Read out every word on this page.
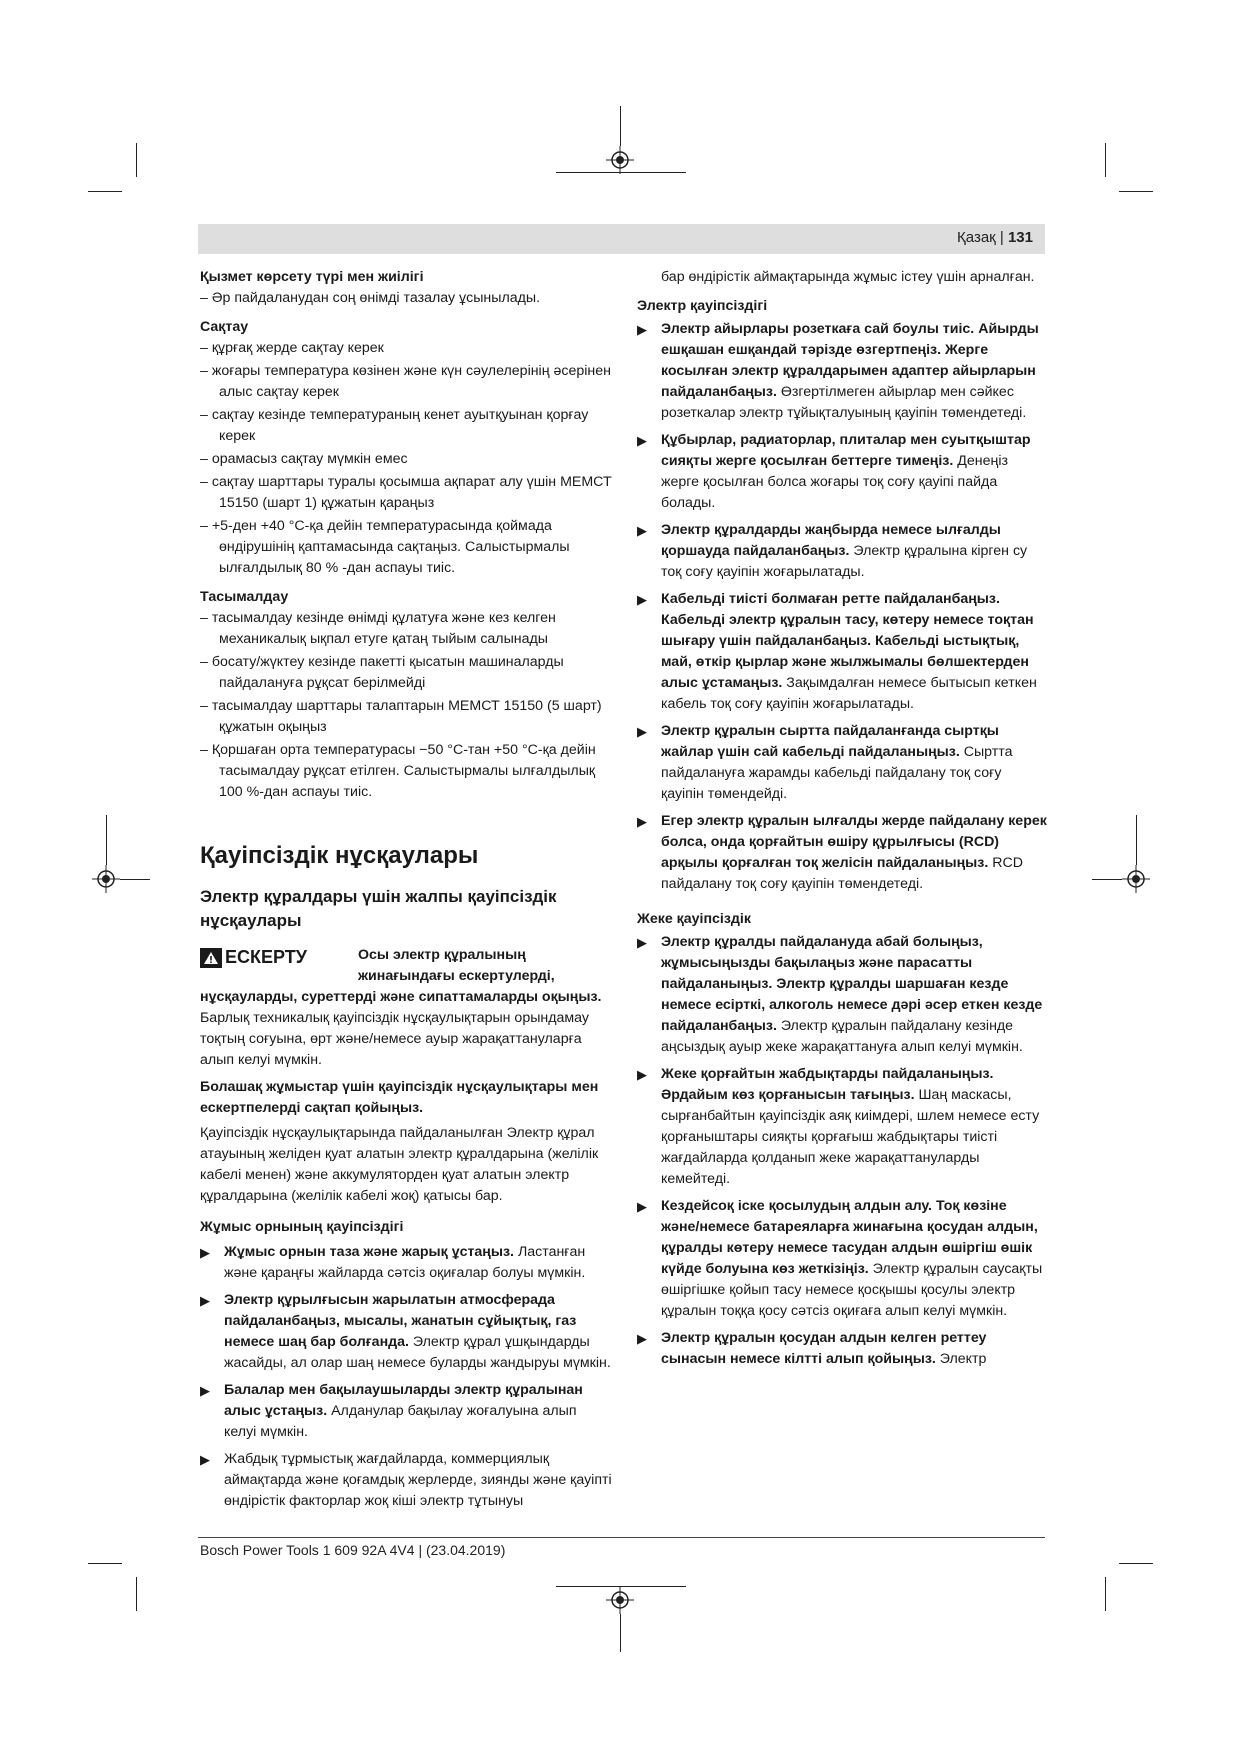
Қазақ | 131

Қызмет көрсету түрі мен жиілігі

– Әр пайдаланудан соң өнімді тазалау ұсынылады.

Сақтау

– құрғақ жерде сақтау керек

– жоғары температура көзінен және күн сәулелерінің әсерінен алыс сақтау керек

– сақтау кезінде температураның кенет ауытқуынан қорғау керек

– орамасыз сақтау мүмкін емес

– сақтау шарттары туралы қосымша ақпарат алу үшін МЕМСТ 15150 (шарт 1) құжатын қараңыз

– +5-ден +40 °С-қа дейін температурасында қоймада өндірушінің қаптамасында сақтаңыз. Салыстырмалы ылғалдылық 80 % -дан аспауы тиіс.

Тасымалдау

– тасымалдау кезінде өнімді құлатуға және кез келген механикалық ықпал етуге қатаң тыйым салынады

– босату/жүктеу кезінде пакетті қысатын машиналарды пайдалануға рұқсат берілмейді

– тасымалдау шарттары талаптарын МЕМСТ 15150 (5 шарт) құжатын оқыңыз

– Қоршаған орта температурасы −50 °С-тан +50 °С-қа дейін тасымалдау рұқсат етілген. Салыстырмалы ылғалдылық 100 %-дан аспауы тиіс.

Қауіпсіздік нұсқаулары
Электр құралдары үшін жалпы қауіпсіздік нұсқаулары
ЕСКЕРТУ	Осы электр құралының жинағындағы ескертулерді,

нұсқауларды, суреттерді және сипаттамаларды оқыңыз. Барлық техникалық қауіпсіздік нұсқаулықтарын орындамау тоқтың соғуына, өрт және/немесе ауыр жарақаттануларға алып келуі мүмкін.

Болашақ жұмыстар үшін қауіпсіздік нұсқаулықтары мен ескертпелерді сақтап қойыңыз.

Қауіпсіздік нұсқаулықтарында пайдаланылған Электр құрал атауының желіден қуат алатын электр құралдарына (желілік кабелі менен) және аккумуляторден қуат алатын электр құралдарына (желілік кабелі жоқ) қатысы бар.

Жұмыс орнының қауіпсіздігі

▶ Жұмыс орнын таза және жарық ұстаңыз. Ластанған және қараңғы жайларда сәтсіз оқиғалар болуы мүмкін.

▶ Электр құрылғысын жарылатын атмосферада пайдаланбаңыз, мысалы, жанатын сұйықтық, газ немесе шаң бар болғанда. Электр құрал ұшқындарды жасайды, ал олар шаң немесе буларды жандыруы мүмкін.

▶ Балалар мен бақылаушыларды электр құралынан алыс ұстаңыз. Алданулар бақылау жоғалуына алып келуі мүмкін.

▶ Жабдық тұрмыстық жағдайларда, коммерциялық аймақтарда және қоғамдық жерлерде, зиянды және қауіпті өндірістік факторлар жоқ кіші электр тұтынуы

бар өндірістік аймақтарында жұмыс істеу үшін арналған.

Электр қауіпсіздігі

▶ Электр айырлары розеткаға сай боулы тиіс. Айырды ешқашан ешқандай тәрізде өзгертпеңіз. Жерге косылған электр құралдарымен адаптер айырларын пайдаланбаңыз. Өзгертілмеген айырлар мен сәйкес розеткалар электр тұйықталуының қауіпін төмендетеді.

▶ Құбырлар, радиаторлар, плиталар мен суытқыштар сияқты жерге қосылған беттерге тимеңіз. Денеңіз жерге қосылған болса жоғары тоқ соғу қауіпі пайда болады.

▶ Электр құралдарды жаңбырда немесе ылғалды қоршауда пайдаланбаңыз. Электр құралына кірген су тоқ соғу қауіпін жоғарылатады.

▶ Кабельді тиісті болмаған ретте пайдаланбаңыз. Кабельді электр құралын тасу, көтеру немесе тоқтан шығару үшін пайдаланбаңыз. Кабельді ыстықтық, май, өткір қырлар және жылжымалы бөлшектерден алыс ұстамаңыз. Зақымдалған немесе бытысып кеткен кабель тоқ соғу қауіпін жоғарылатады.

▶ Электр құралын сыртта пайдаланғанда сыртқы жайлар үшін сай кабельді пайдаланыңыз. Сыртта пайдалануға жарамды кабельді пайдалану тоқ соғу қауіпін төмендейді.

▶ Егер электр құралын ылғалды жерде пайдалану керек болса, онда қорғайтын өшіру құрылғысы (RCD) арқылы қорғалған тоқ желісін пайдаланыңыз. RCD пайдалану тоқ соғу қауіпін төмендетеді.

Жеке қауіпсіздік

▶ Электр құралды пайдалануда абай болыңыз, жұмысыңызды бақылаңыз және парасатты пайдаланыңыз. Электр құралды шаршаған кезде немесе есірткі, алкоголь немесе дәрі әсер еткен кезде пайдаланбаңыз. Электр құралын пайдалану кезінде аңсыздық ауыр жеке жарақаттануға алып келуі мүмкін.

▶ Жеке қорғайтын жабдықтарды пайдаланыңыз. Әрдайым көз қорғанысын тағыңыз. Шаң маскасы, сырғанбайтын қауіпсіздік аяқ киімдері, шлем немесе есту қорғаныштары сияқты қорғағыш жабдықтары тиісті жағдайларда қолданып жеке жарақаттануларды кемейтеді.

▶ Кездейсоқ іске қосылудың алдын алу. Тоқ көзіне және/немесе батареяларға жинағына қосудан алдын, құралды көтеру немесе тасудан алдын өшіргіш өшік күйде болуына көз жеткізіңіз. Электр құралын саусақты өшіргішке қойып тасу немесе қосқышы қосулы электр құралын тоққа қосу сәтсіз оқиғаға алып келуі мүмкін.

▶ Электр құралын қосудан алдын келген реттеу сынасын немесе кілтті алып қойыңыз. Электр

Bosch Power Tools 1 609 92A 4V4 | (23.04.2019)
